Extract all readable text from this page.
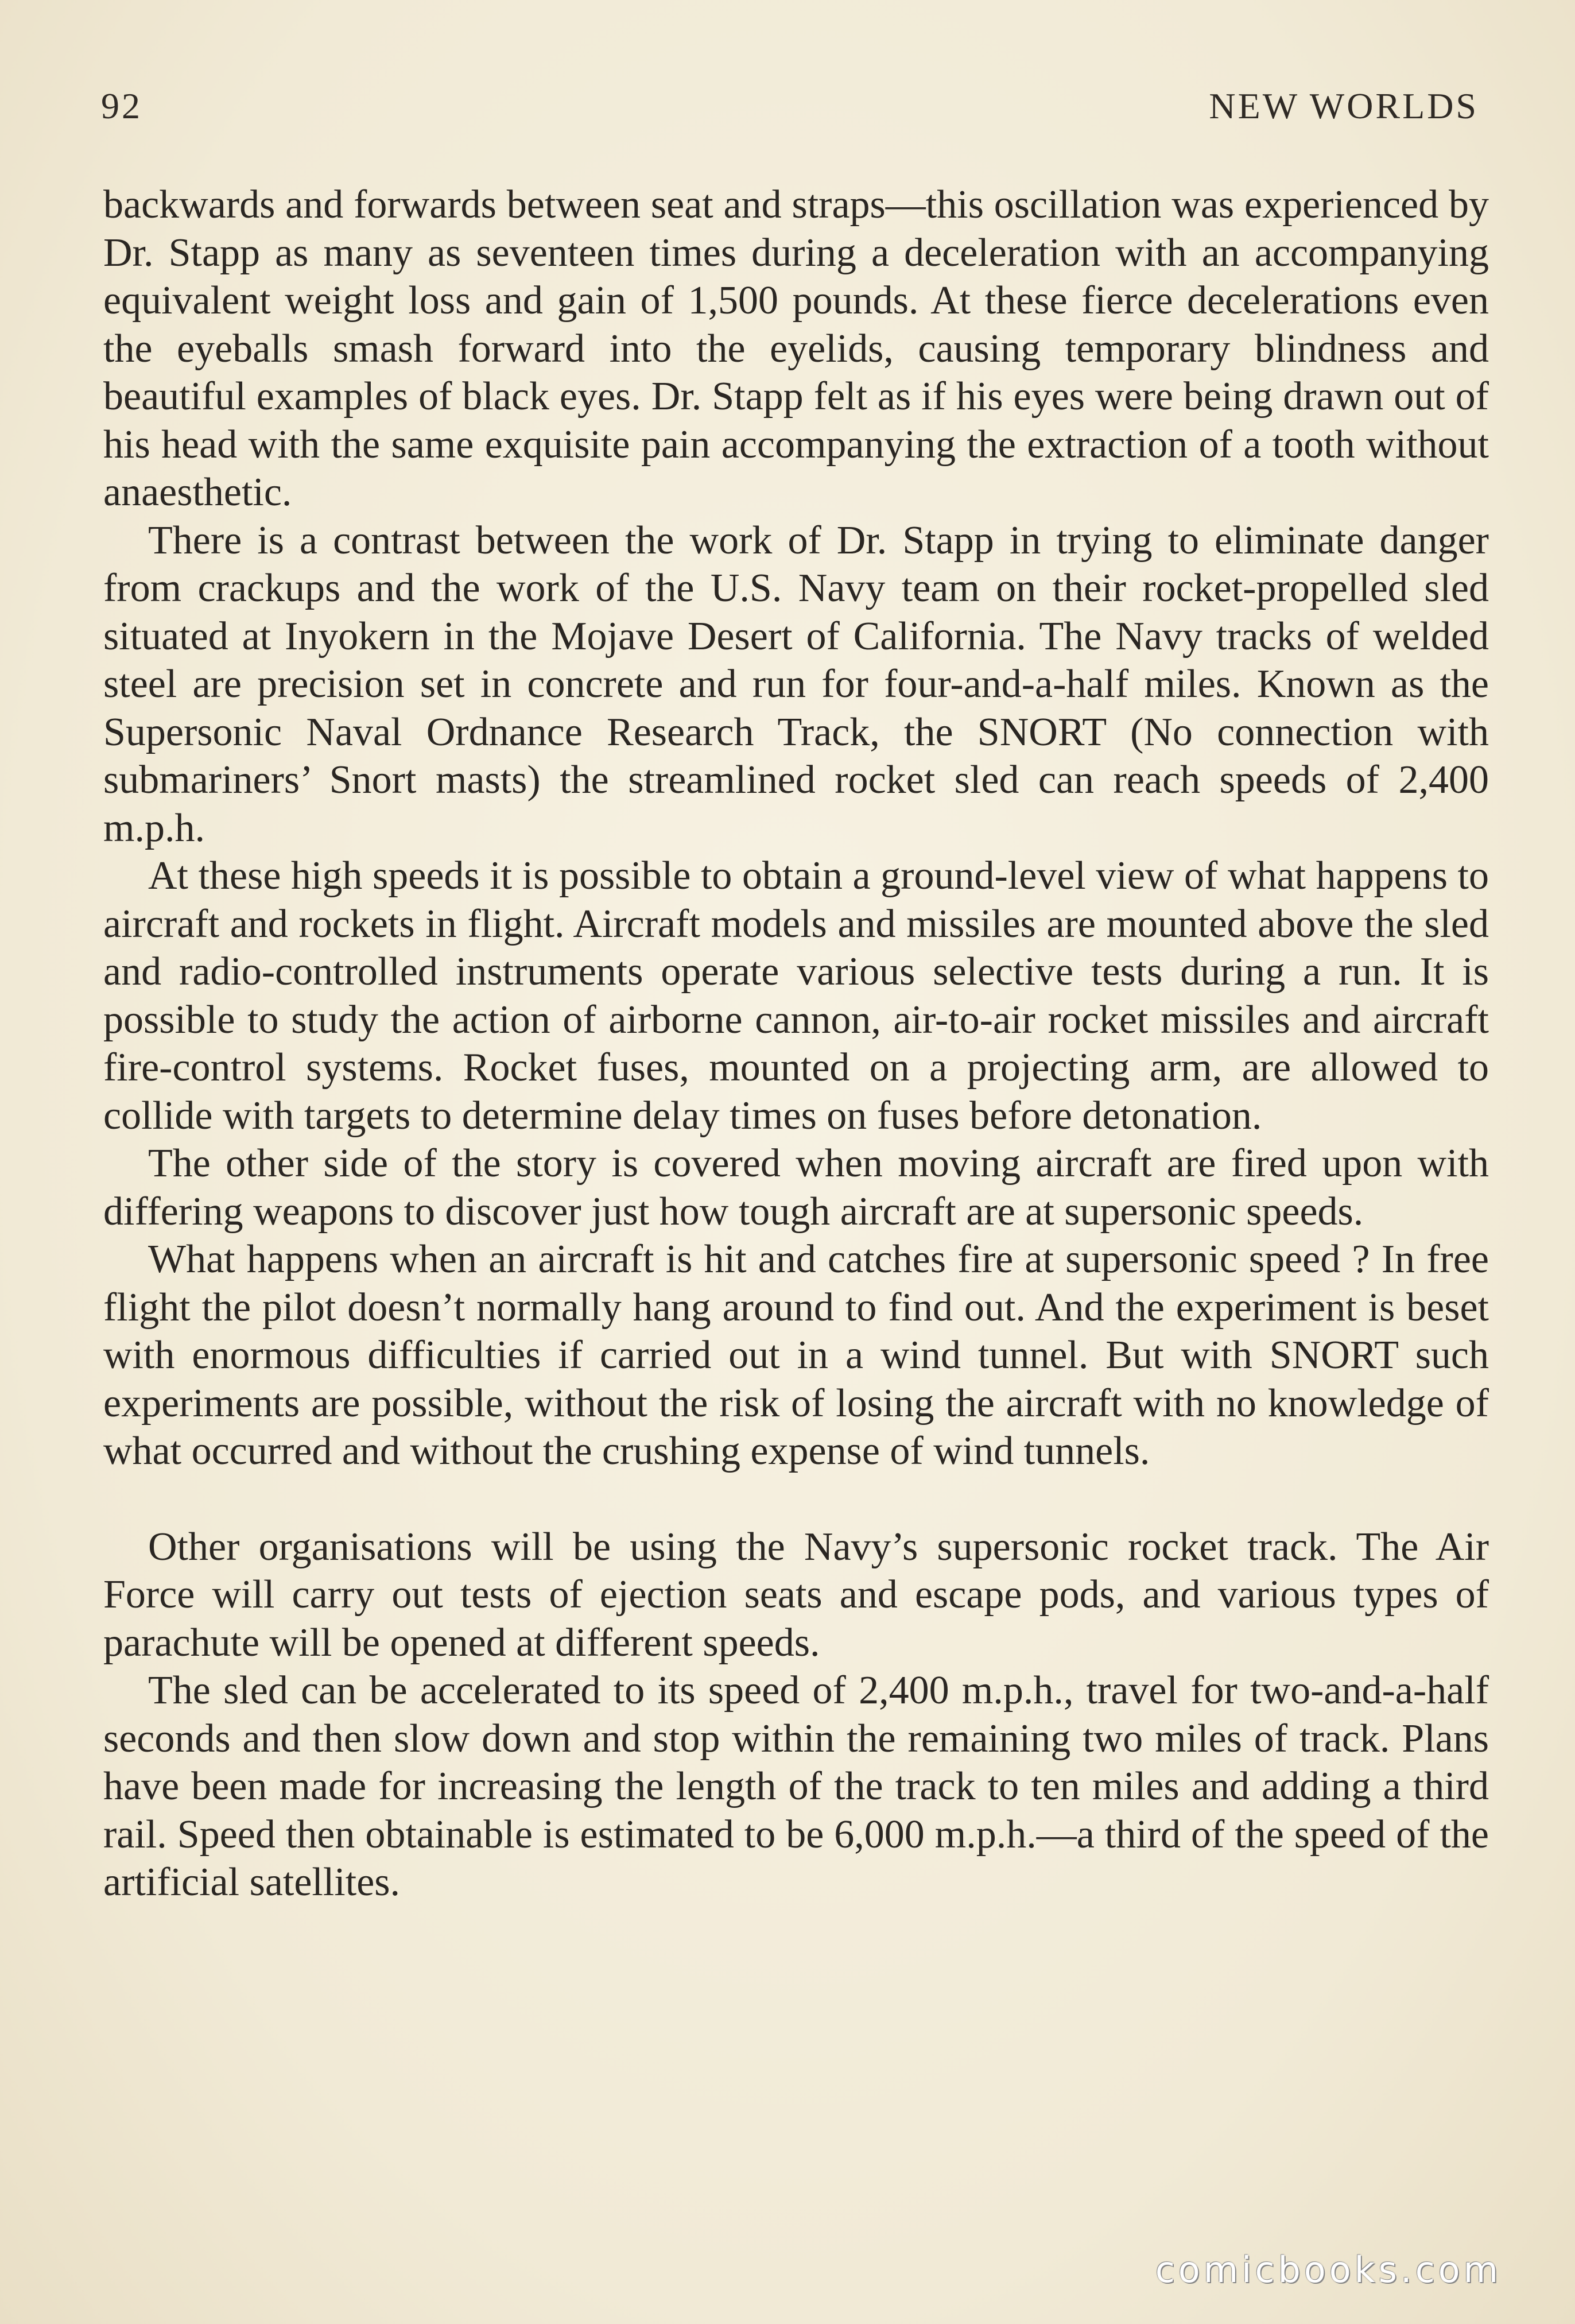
92	NEW WORLDS

backwards and forwards between seat and straps—this oscillation was experienced by Dr. Stapp as many as seventeen times during a deceleration with an accompanying equivalent weight loss and gain of 1,500 pounds. At these fierce decelerations even the eyeballs smash forward into the eyelids, causing temporary blindness and beautiful examples of black eyes. Dr. Stapp felt as if his eyes were being drawn out of his head with the same exquisite pain accompanying the extraction of a tooth without anaesthetic.

There is a contrast between the work of Dr. Stapp in trying to eliminate danger from crackups and the work of the U.S. Navy team on their rocket-propelled sled situated at Inyokern in the Mojave Desert of California. The Navy tracks of welded steel are precision set in concrete and run for four-and-a-half miles. Known as the Supersonic Naval Ordnance Research Track, the SNORT (No connection with submariners’ Snort masts) the streamlined rocket sled can reach speeds of 2,400 m.p.h.

At these high speeds it is possible to obtain a ground-level view of what happens to aircraft and rockets in flight. Aircraft models and missiles are mounted above the sled and radio-controlled instruments operate various selective tests during a run. It is possible to study the action of airborne cannon, air-to-air rocket missiles and aircraft fire-control systems. Rocket fuses, mounted on a projecting arm, are allowed to collide with targets to determine delay times on fuses before detonation.

The other side of the story is covered when moving aircraft are fired upon with differing weapons to discover just how tough aircraft are at supersonic speeds.

What happens when an aircraft is hit and catches fire at supersonic speed ? In free flight the pilot doesn’t normally hang around to find out. And the experiment is beset with enormous difficulties if carried out in a wind tunnel. But with SNORT such experiments are possible, without the risk of losing the aircraft with no knowledge of what occurred and without the crushing expense of wind tunnels.

Other organisations will be using the Navy’s supersonic rocket track. The Air Force will carry out tests of ejection seats and escape pods, and various types of parachute will be opened at different speeds.

The sled can be accelerated to its speed of 2,400 m.p.h., travel for two-and-a-half seconds and then slow down and stop within the remaining two miles of track. Plans have been made for increasing the length of the track to ten miles and adding a third rail. Speed then obtainable is estimated to be 6,000 m.p.h.—a third of the speed of the artificial satellites.

comicbooks.com
